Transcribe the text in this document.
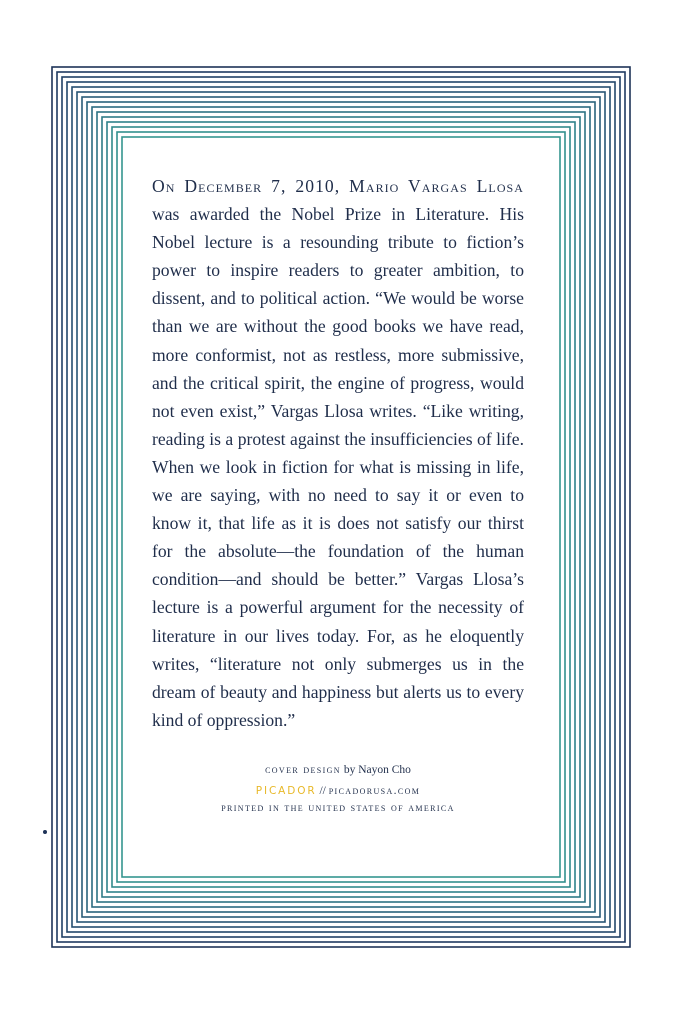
On December 7, 2010, Mario Vargas Llosa was awarded the Nobel Prize in Literature. His Nobel lecture is a resounding tribute to fiction’s power to inspire readers to greater ambition, to dissent, and to political action. “We would be worse than we are without the good books we have read, more conformist, not as restless, more submissive, and the critical spirit, the engine of progress, would not even exist,” Vargas Llosa writes. “Like writing, reading is a protest against the insufficiencies of life. When we look in fiction for what is missing in life, we are saying, with no need to say it or even to know it, that life as it is does not satisfy our thirst for the absolute—the foundation of the human condition—and should be better.” Vargas Llosa’s lecture is a powerful argument for the necessity of literature in our lives today. For, as he eloquently writes, “literature not only submerges us in the dream of beauty and happiness but alerts us to every kind of oppression.”

cover design by Nayon Cho
PICADOR // picadorusa.com
printed in the united states of america
